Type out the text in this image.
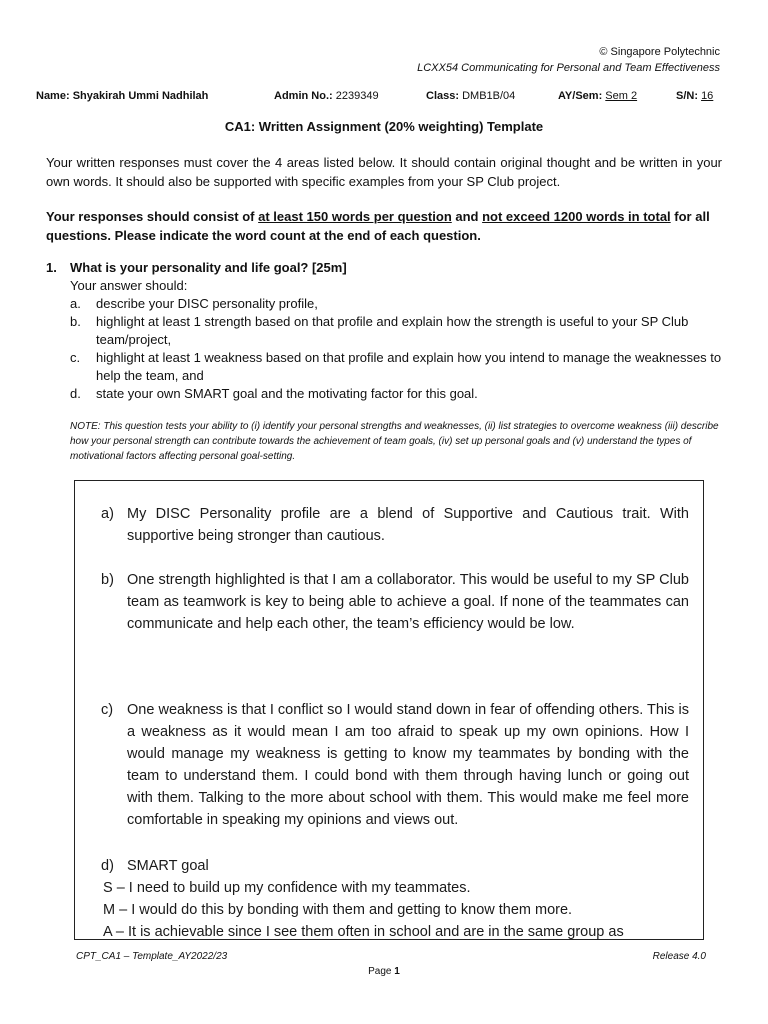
© Singapore Polytechnic
LCXX54 Communicating for Personal and Team Effectiveness
Name: Shyakirah Ummi Nadhilah	Admin No.: 2239349	Class: DMB1B/04	AY/Sem: Sem 2	S/N: 16
CA1: Written Assignment (20% weighting) Template
Your written responses must cover the 4 areas listed below. It should contain original thought and be written in your own words. It should also be supported with specific examples from your SP Club project.
Your responses should consist of at least 150 words per question and not exceed 1200 words in total for all questions. Please indicate the word count at the end of each question.
1. What is your personality and life goal? [25m]
Your answer should:
a. describe your DISC personality profile,
b. highlight at least 1 strength based on that profile and explain how the strength is useful to your SP Club team/project,
c. highlight at least 1 weakness based on that profile and explain how you intend to manage the weaknesses to help the team, and
d. state your own SMART goal and the motivating factor for this goal.
NOTE: This question tests your ability to (i) identify your personal strengths and weaknesses, (ii) list strategies to overcome weakness (iii) describe how your personal strength can contribute towards the achievement of team goals, (iv) set up personal goals and (v) understand the types of motivational factors affecting personal goal-setting.
a) My DISC Personality profile are a blend of Supportive and Cautious trait. With supportive being stronger than cautious.
b) One strength highlighted is that I am a collaborator. This would be useful to my SP Club team as teamwork is key to being able to achieve a goal. If none of the teammates can communicate and help each other, the team’s efficiency would be low.
c) One weakness is that I conflict so I would stand down in fear of offending others. This is a weakness as it would mean I am too afraid to speak up my own opinions. How I would manage my weakness is getting to know my teammates by bonding with the team to understand them. I could bond with them through having lunch or going out with them. Talking to the more about school with them. This would make me feel more comfortable in speaking my opinions and views out.
d) SMART goal
S – I need to build up my confidence with my teammates.
M – I would do this by bonding with them and getting to know them more.
A – It is achievable since I see them often in school and are in the same group as
CPT_CA1 – Template_AY2022/23	Release 4.0
Page 1
